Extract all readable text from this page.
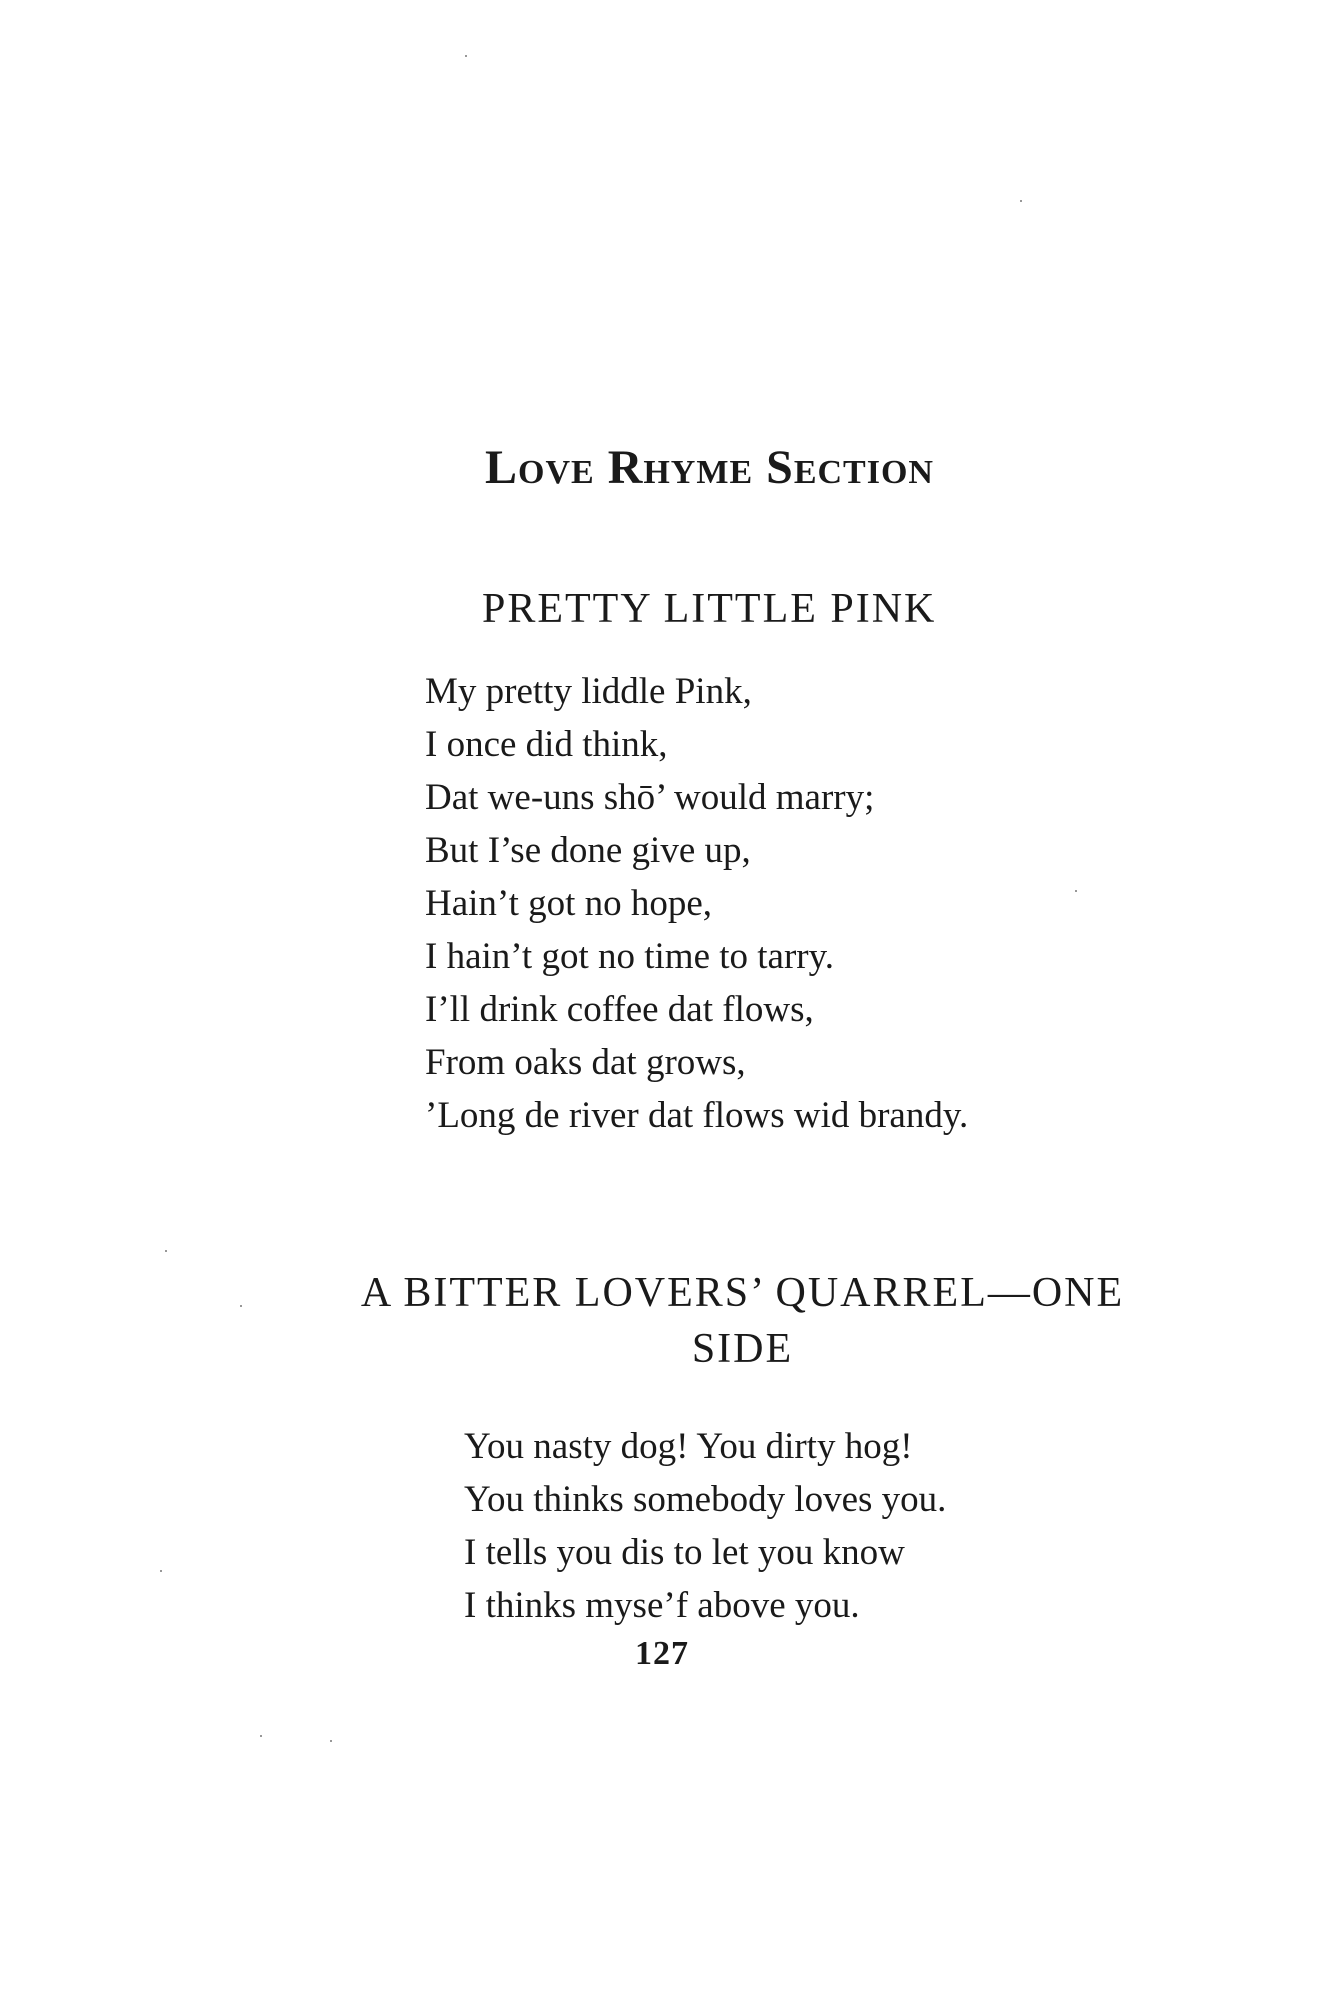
Love Rhyme Section
PRETTY LITTLE PINK
My pretty liddle Pink,
I once did think,
Dat we-uns shō’ would marry;
But I’se done give up,
Hain’t got no hope,
I hain’t got no time to tarry.
I’ll drink coffee dat flows,
From oaks dat grows,
’Long de river dat flows wid brandy.
A BITTER LOVERS’ QUARREL—ONE SIDE
You nasty dog! You dirty hog!
You thinks somebody loves you.
I tells you dis to let you know
I thinks myse’f above you.
127
